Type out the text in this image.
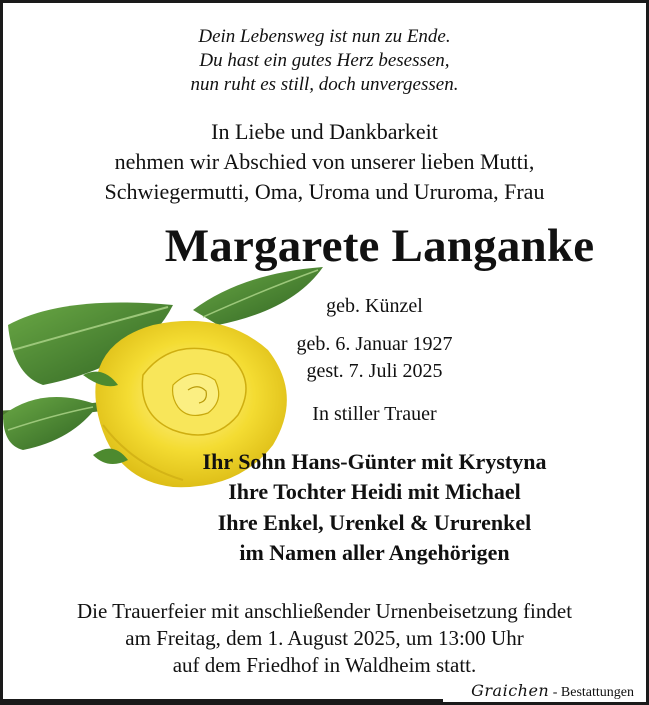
Dein Lebensweg ist nun zu Ende.
Du hast ein gutes Herz besessen,
nun ruht es still, doch unvergessen.
In Liebe und Dankbarkeit
nehmen wir Abschied von unserer lieben Mutti,
Schwiegermutti, Oma, Uroma und Ururoma, Frau
Margarete Langanke
geb. Künzel
geb. 6. Januar 1927
gest. 7. Juli 2025
In stiller Trauer
Ihr Sohn Hans-Günter mit Krystyna
Ihre Tochter Heidi mit Michael
Ihre Enkel, Urenkel & Ururenkel
im Namen aller Angehörigen
Die Trauerfeier mit anschließender Urnenbeisetzung findet
am Freitag, dem 1. August 2025, um 13:00 Uhr
auf dem Friedhof in Waldheim statt.
Graichen - Bestattungen
